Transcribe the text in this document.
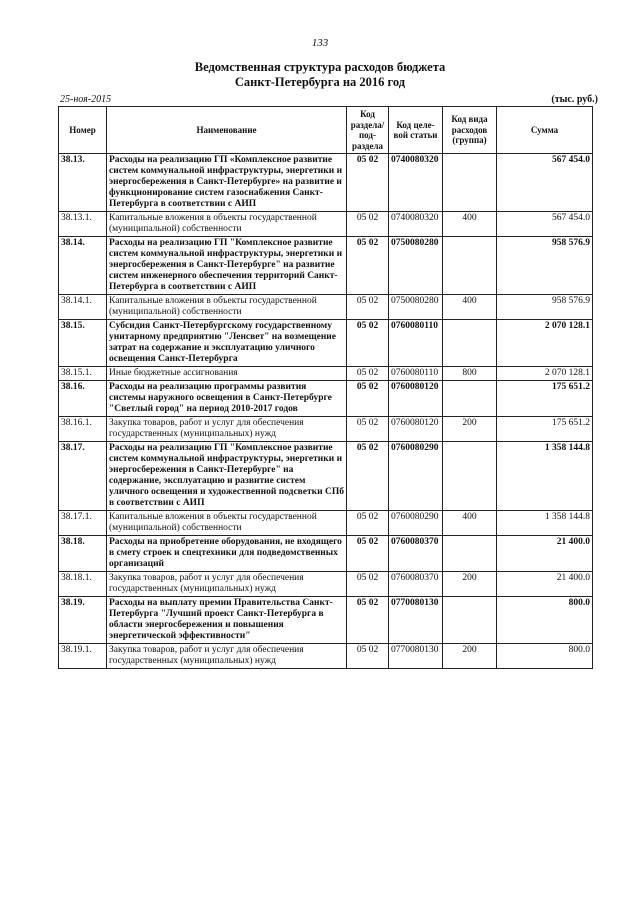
133
Ведомственная структура расходов бюджета
Санкт-Петербурга на 2016 год
25-ноя-2015	(тыс. руб.)
Номер	Наименование	Код раздела/ под- раздела	Код целе- вой статьи	Код вида расходов (группа)	Сумма
38.13.	Расходы на реализацию ГП «Комплексное развитие систем коммунальной инфраструктуры, энергетики и энергосбережения в Санкт-Петербурге» на развитие и функционирование систем газоснабжения Санкт-Петербурга в соответствии с АИП	05 02	0740080320		567 454.0
38.13.1.	Капитальные вложения в объекты государственной (муниципальной) собственности	05 02	0740080320	400	567 454.0
38.14.	Расходы на реализацию ГП "Комплексное развитие систем коммунальной инфраструктуры, энергетики и энергосбережения в Санкт-Петербурге" на развитие систем инженерного обеспечения территорий Санкт-Петербурга в соответствии с АИП	05 02	0750080280		958 576.9
38.14.1.	Капитальные вложения в объекты государственной (муниципальной) собственности	05 02	0750080280	400	958 576.9
38.15.	Субсидия Санкт-Петербургскому государственному унитарному предприятию "Ленсвет" на возмещение затрат на содержание и эксплуатацию уличного освещения Санкт-Петербурга	05 02	0760080110		2 070 128.1
38.15.1.	Иные бюджетные ассигнования	05 02	0760080110	800	2 070 128.1
38.16.	Расходы на реализацию программы развития системы наружного освещения в Санкт-Петербурге "Светлый город" на период 2010-2017 годов	05 02	0760080120		175 651.2
38.16.1.	Закупка товаров, работ и услуг для обеспечения государственных (муниципальных) нужд	05 02	0760080120	200	175 651.2
38.17.	Расходы на реализацию ГП "Комплексное развитие систем коммунальной инфраструктуры, энергетики и энергосбережения в Санкт-Петербурге" на содержание, эксплуатацию и развитие систем уличного освещения и художественной подсветки СПб в соответствии с АИП	05 02	0760080290		1 358 144.8
38.17.1.	Капитальные вложения в объекты государственной (муниципальной) собственности	05 02	0760080290	400	1 358 144.8
38.18.	Расходы на приобретение оборудования, не входящего в смету строек и спецтехники для подведомственных организаций	05 02	0760080370		21 400.0
38.18.1.	Закупка товаров, работ и услуг для обеспечения государственных (муниципальных) нужд	05 02	0760080370	200	21 400.0
38.19.	Расходы на выплату премии Правительства Санкт-Петербурга "Лучший проект Санкт-Петербурга в области энергосбережения и повышения энергетической эффективности"	05 02	0770080130		800.0
38.19.1.	Закупка товаров, работ и услуг для обеспечения государственных (муниципальных) нужд	05 02	0770080130	200	800.0
